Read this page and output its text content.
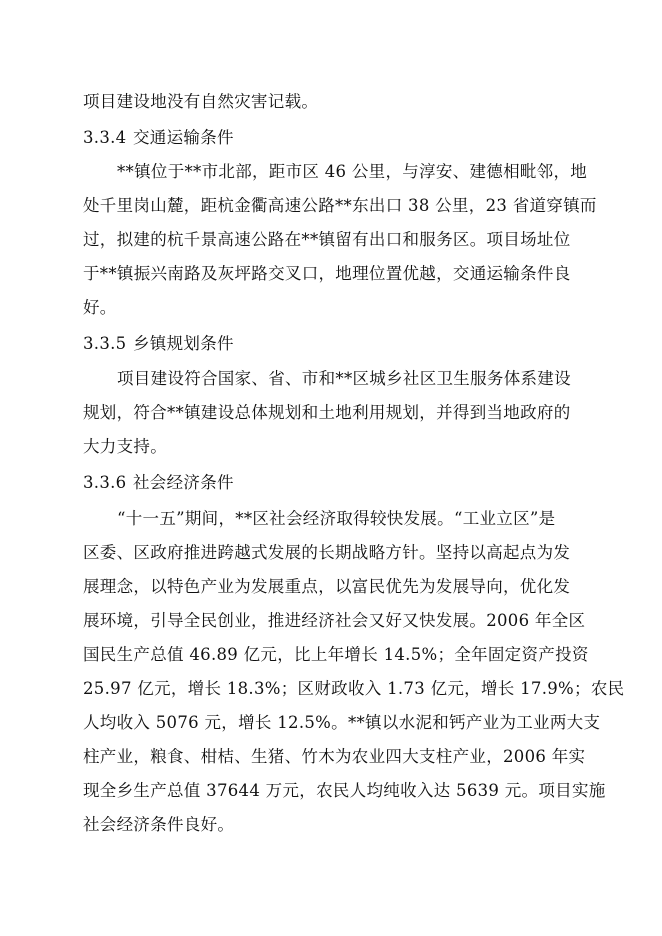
项目建设地没有自然灾害记载。
3.3.4 交通运输条件
**镇位于**市北部，距市区 46 公里，与淳安、建德相毗邻，地
处千里岗山麓，距杭金衢高速公路**东出口 38 公里，23 省道穿镇而
过，拟建的杭千景高速公路在**镇留有出口和服务区。项目场址位
于**镇振兴南路及灰坪路交叉口，地理位置优越，交通运输条件良
好。
3.3.5 乡镇规划条件
项目建设符合国家、省、市和**区城乡社区卫生服务体系建设
规划，符合**镇建设总体规划和土地利用规划，并得到当地政府的
大力支持。
3.3.6 社会经济条件
“十一五”期间，**区社会经济取得较快发展。“工业立区”是
区委、区政府推进跨越式发展的长期战略方针。坚持以高起点为发
展理念，以特色产业为发展重点，以富民优先为发展导向，优化发
展环境，引导全民创业，推进经济社会又好又快发展。2006 年全区
国民生产总值 46.89 亿元，比上年增长 14.5%；全年固定资产投资
25.97 亿元，增长 18.3%；区财政收入 1.73 亿元，增长 17.9%；农民
人均收入 5076 元，增长 12.5%。**镇以水泥和钙产业为工业两大支
柱产业，粮食、柑桔、生猪、竹木为农业四大支柱产业，2006 年实
现全乡生产总值 37644 万元，农民人均纯收入达 5639 元。项目实施
社会经济条件良好。
